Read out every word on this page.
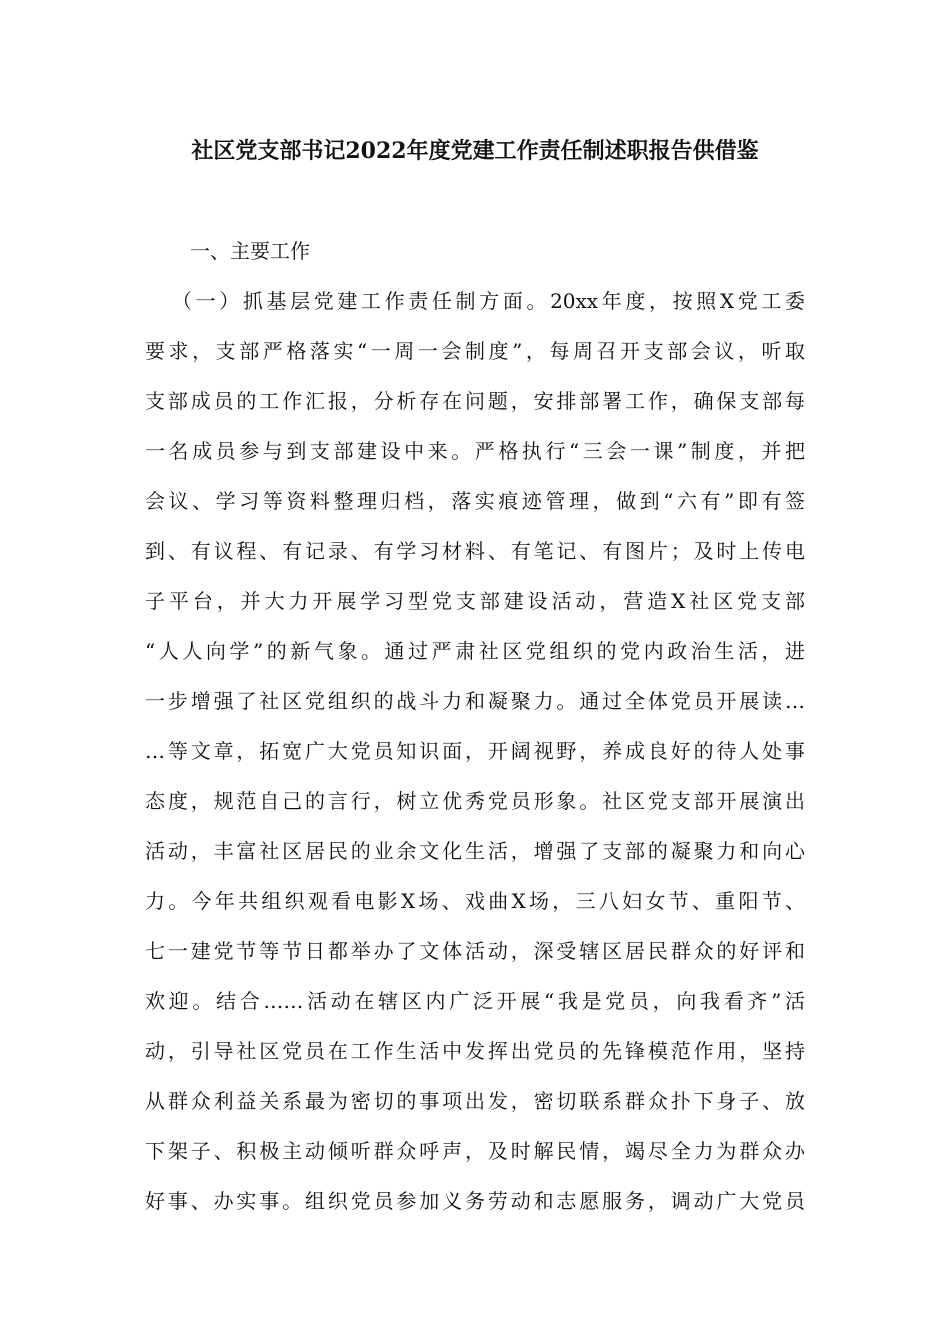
社区党支部书记2022年度党建工作责任制述职报告供借鉴
一、主要工作
（一）抓基层党建工作责任制方面。20xx年度，按照X党工委
要求，支部严格落实“一周一会制度”，每周召开支部会议，听取
支部成员的工作汇报，分析存在问题，安排部署工作，确保支部每
一名成员参与到支部建设中来。严格执行“三会一课”制度，并把
会议、学习等资料整理归档，落实痕迹管理，做到“六有”即有签
到、有议程、有记录、有学习材料、有笔记、有图片；及时上传电
子平台，并大力开展学习型党支部建设活动，营造X社区党支部
“人人向学”的新气象。通过严肃社区党组织的党内政治生活，进
一步增强了社区党组织的战斗力和凝聚力。通过全体党员开展读…
…等文章，拓宽广大党员知识面，开阔视野，养成良好的待人处事
态度，规范自己的言行，树立优秀党员形象。社区党支部开展演出
活动，丰富社区居民的业余文化生活，增强了支部的凝聚力和向心
力。今年共组织观看电影X场、戏曲X场，三八妇女节、重阳节、
七一建党节等节日都举办了文体活动，深受辖区居民群众的好评和
欢迎。结合……活动在辖区内广泛开展“我是党员，向我看齐”活
动，引导社区党员在工作生活中发挥出党员的先锋模范作用，坚持
从群众利益关系最为密切的事项出发，密切联系群众扑下身子、放
下架子、积极主动倾听群众呼声，及时解民情，竭尽全力为群众办
好事、办实事。组织党员参加义务劳动和志愿服务，调动广大党员
